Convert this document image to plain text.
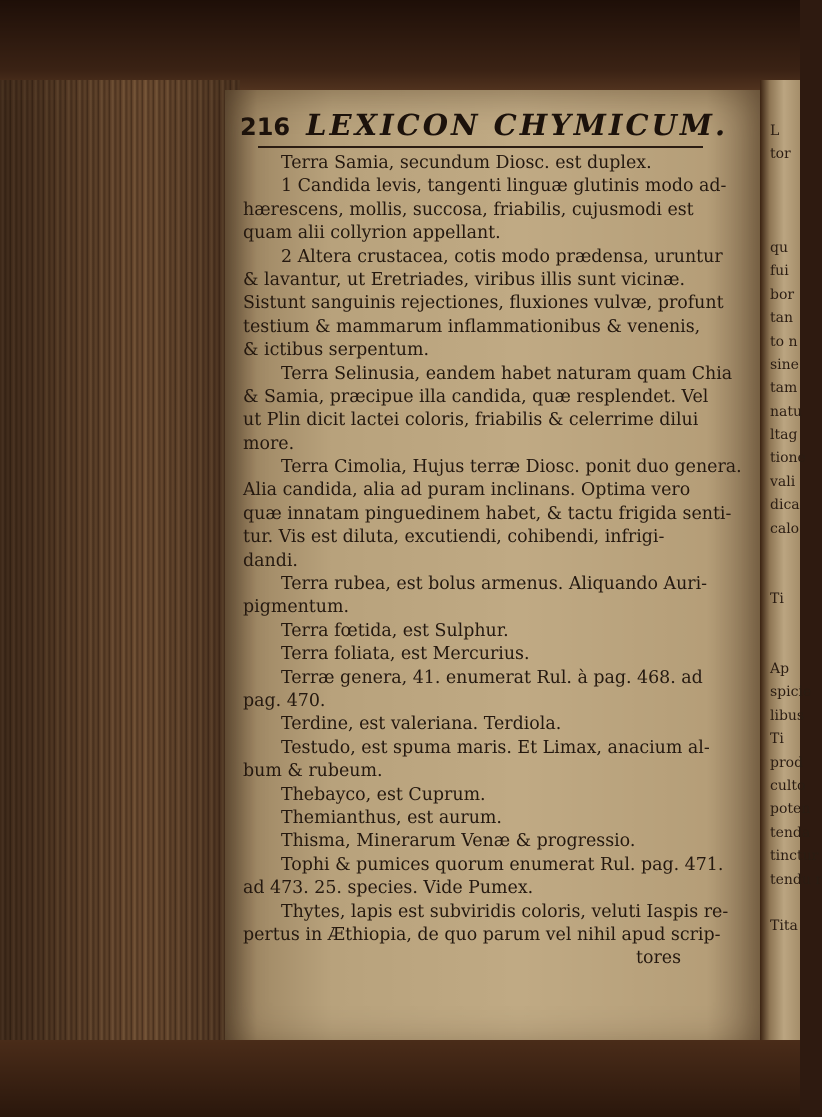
216 LEXICON CHYMICUM.
Terra Samia, secundum Diosc. est duplex.
1 Candida levis, tangenti linguæ glutinis modo ad-
hærescens, mollis, succosa, friabilis, cujusmodi est
quam alii collyrion appellant.
2 Altera crustacea, cotis modo prædensa, uruntur
& lavantur, ut Eretriades, viribus illis sunt vicinæ.
Sistunt sanguinis rejectiones, fluxiones vulvæ, profunt
testium & mammarum inflammationibus & venenis,
& ictibus serpentum.
Terra Selinusia, eandem habet naturam quam Chia
& Samia, præcipue illa candida, quæ resplendet. Vel
ut Plin dicit lactei coloris, friabilis & celerrime dilui
more.
Terra Cimolia, Hujus terræ Diosc. ponit duo genera.
Alia candida, alia ad puram inclinans. Optima vero
quæ innatam pinguedinem habet, & tactu frigida senti-
tur. Vis est diluta, excutiendi, cohibendi, infrigi-
dandi.
Terra rubea, est bolus armenus. Aliquando Auri-
pigmentum.
Terra fœtida, est Sulphur.
Terra foliata, est Mercurius.
Terræ genera, 41. enumerat Rul. à pag. 468. ad
pag. 470.
Terdine, est valeriana. Terdiola.
Testudo, est spuma maris. Et Limax, anacium al-
bum & rubeum.
Thebayco, est Cuprum.
Themianthus, est aurum.
Thisma, Minerarum Venæ & progressio.
Tophi & pumices quorum enumerat Rul. pag. 471.
ad 473. 25. species. Vide Pumex.
Thytes, lapis est subviridis coloris, veluti Iaspis re-
pertus in Æthiopia, de quo parum vel nihil apud scrip-
tores
L
tor
qu
fui
bor
tan
to n
sine
tam
natu
ltag
tione
vali
dica
calo
Ti
Ap
spicie
libus
Ti
prod
culto
poten
tenda
tinctur
tendu r
Tita
